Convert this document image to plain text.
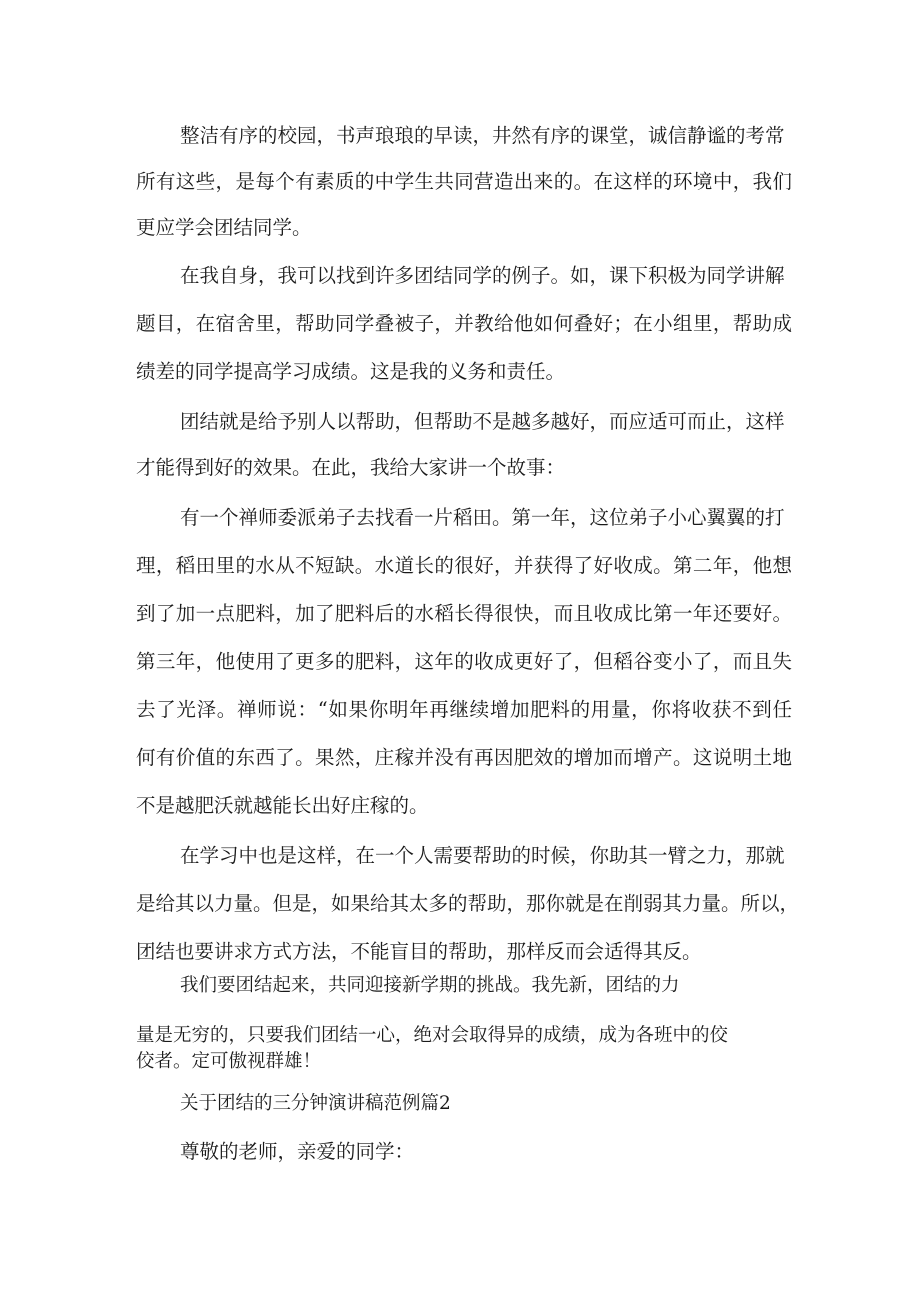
整洁有序的校园，书声琅琅的早读，井然有序的课堂，诚信静谧的考常
所有这些，是每个有素质的中学生共同营造出来的。在这样的环境中，我们
更应学会团结同学。
在我自身，我可以找到许多团结同学的例子。如，课下积极为同学讲解
题目，在宿舍里，帮助同学叠被子，并教给他如何叠好；在小组里，帮助成
绩差的同学提高学习成绩。这是我的义务和责任。
团结就是给予别人以帮助，但帮助不是越多越好，而应适可而止，这样
才能得到好的效果。在此，我给大家讲一个故事：
有一个禅师委派弟子去找看一片稻田。第一年，这位弟子小心翼翼的打
理，稻田里的水从不短缺。水道长的很好，并获得了好收成。第二年，他想
到了加一点肥料，加了肥料后的水稻长得很快，而且收成比第一年还要好。
第三年，他使用了更多的肥料，这年的收成更好了，但稻谷变小了，而且失
去了光泽。禅师说：“如果你明年再继续增加肥料的用量，你将收获不到任
何有价值的东西了。果然，庄稼并没有再因肥效的增加而增产。这说明土地
不是越肥沃就越能长出好庄稼的。
在学习中也是这样，在一个人需要帮助的时候，你助其一臂之力，那就
是给其以力量。但是，如果给其太多的帮助，那你就是在削弱其力量。所以，
团结也要讲求方式方法，不能盲目的帮助，那样反而会适得其反。
我们要团结起来，共同迎接新学期的挑战。我先新，团结的力
量是无穷的，只要我们团结一心，绝对会取得异的成绩，成为各班中的佼
佼者。定可傲视群雄！
关于团结的三分钟演讲稿范例篇2
尊敬的老师，亲爱的同学：
